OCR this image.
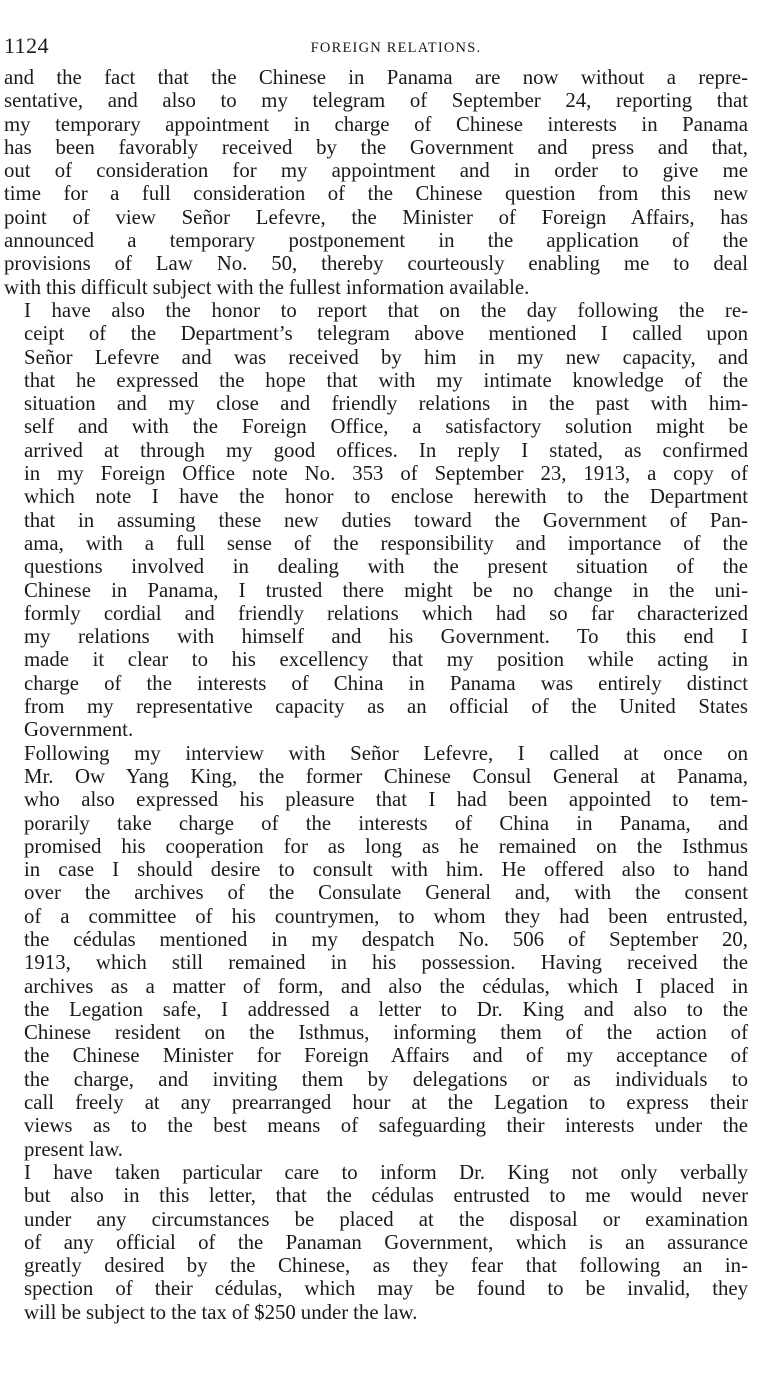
1124	FOREIGN RELATIONS.

and the fact that the Chinese in Panama are now without a repre-
sentative, and also to my telegram of September 24, reporting that
my temporary appointment in charge of Chinese interests in Panama
has been favorably received by the Government and press and that,
out of consideration for my appointment and in order to give me
time for a full consideration of the Chinese question from this new
point of view Señor Lefevre, the Minister of Foreign Affairs, has
announced a temporary postponement in the application of the
provisions of Law No. 50, thereby courteously enabling me to deal
with this difficult subject with the fullest information available.

I have also the honor to report that on the day following the re-
ceipt of the Department’s telegram above mentioned I called upon
Señor Lefevre and was received by him in my new capacity, and
that he expressed the hope that with my intimate knowledge of the
situation and my close and friendly relations in the past with him-
self and with the Foreign Office, a satisfactory solution might be
arrived at through my good offices. In reply I stated, as confirmed
in my Foreign Office note No. 353 of September 23, 1913, a copy of
which note I have the honor to enclose herewith to the Department
that in assuming these new duties toward the Government of Pan-
ama, with a full sense of the responsibility and importance of the
questions involved in dealing with the present situation of the
Chinese in Panama, I trusted there might be no change in the uni-
formly cordial and friendly relations which had so far characterized
my relations with himself and his Government. To this end I
made it clear to his excellency that my position while acting in
charge of the interests of China in Panama was entirely distinct
from my representative capacity as an official of the United States
Government.

Following my interview with Señor Lefevre, I called at once on
Mr. Ow Yang King, the former Chinese Consul General at Panama,
who also expressed his pleasure that I had been appointed to tem-
porarily take charge of the interests of China in Panama, and
promised his cooperation for as long as he remained on the Isthmus
in case I should desire to consult with him. He offered also to hand
over the archives of the Consulate General and, with the consent
of a committee of his countrymen, to whom they had been entrusted,
the cédulas mentioned in my despatch No. 506 of September 20,
1913, which still remained in his possession. Having received the
archives as a matter of form, and also the cédulas, which I placed in
the Legation safe, I addressed a letter to Dr. King and also to the
Chinese resident on the Isthmus, informing them of the action of
the Chinese Minister for Foreign Affairs and of my acceptance of
the charge, and inviting them by delegations or as individuals to
call freely at any prearranged hour at the Legation to express their
views as to the best means of safeguarding their interests under the
present law.

I have taken particular care to inform Dr. King not only verbally
but also in this letter, that the cédulas entrusted to me would never
under any circumstances be placed at the disposal or examination
of any official of the Panaman Government, which is an assurance
greatly desired by the Chinese, as they fear that following an in-
spection of their cédulas, which may be found to be invalid, they
will be subject to the tax of $250 under the law.
